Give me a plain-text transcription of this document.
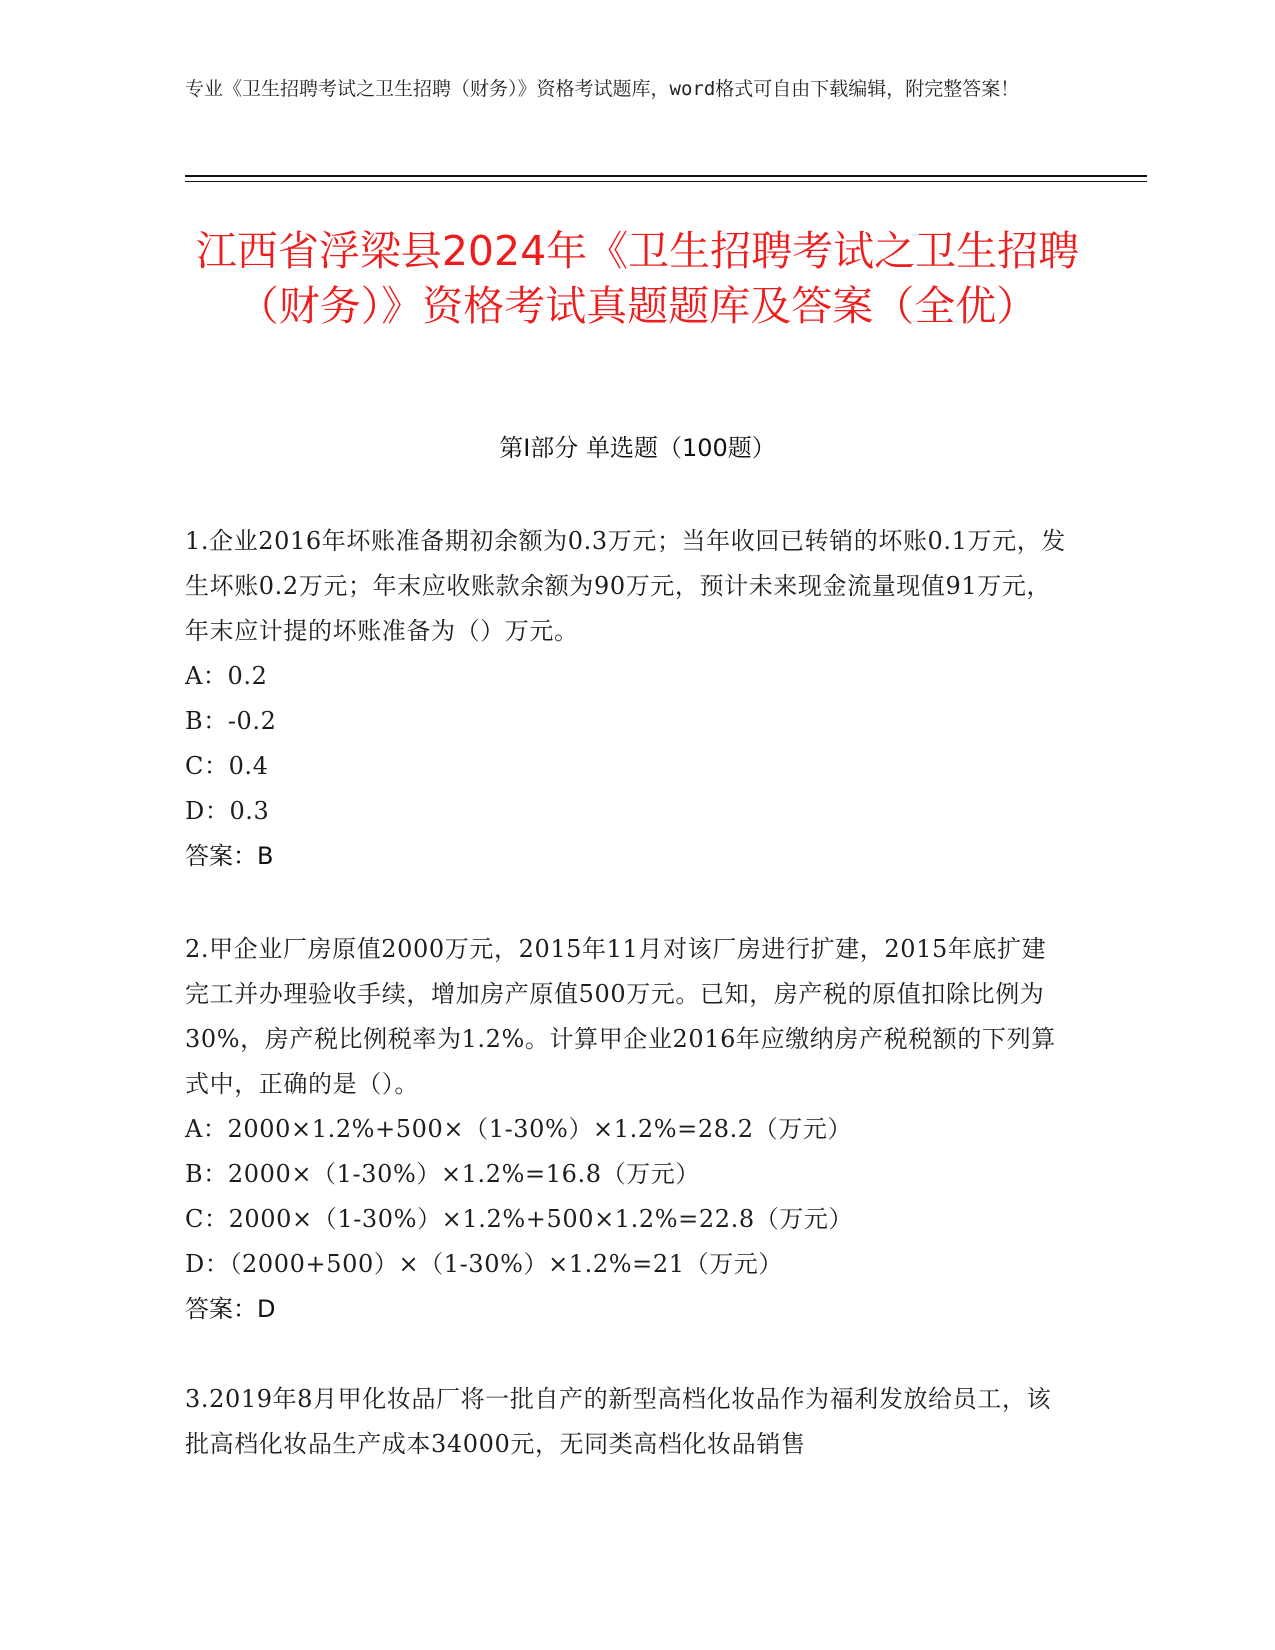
专业《卫生招聘考试之卫生招聘（财务）》资格考试题库，word格式可自由下载编辑，附完整答案！
江西省浮梁县2024年《卫生招聘考试之卫生招聘（财务）》资格考试真题题库及答案（全优）
第I部分 单选题（100题）

1.企业2016年坏账准备期初余额为0.3万元；当年收回已转销的坏账0.1万元，发生坏账0.2万元；年末应收账款余额为90万元，预计未来现金流量现值91万元，年末应计提的坏账准备为（）万元。

A：0.2

B：-0.2

C：0.4

D：0.3

答案：B

2.甲企业厂房原值2000万元，2015年11月对该厂房进行扩建，2015年底扩建完工并办理验收手续，增加房产原值500万元。已知，房产税的原值扣除比例为30%，房产税比例税率为1.2%。计算甲企业2016年应缴纳房产税税额的下列算式中，正确的是（）。

A：2000×1.2%+500×（1-30%）×1.2%=28.2（万元）

B：2000×（1-30%）×1.2%=16.8（万元）

C：2000×（1-30%）×1.2%+500×1.2%=22.8（万元）

D：（2000+500）×（1-30%）×1.2%=21（万元）

答案：D

3.2019年8月甲化妆品厂将一批自产的新型高档化妆品作为福利发放给员工，该批高档化妆品生产成本34000元，无同类高档化妆品销售
